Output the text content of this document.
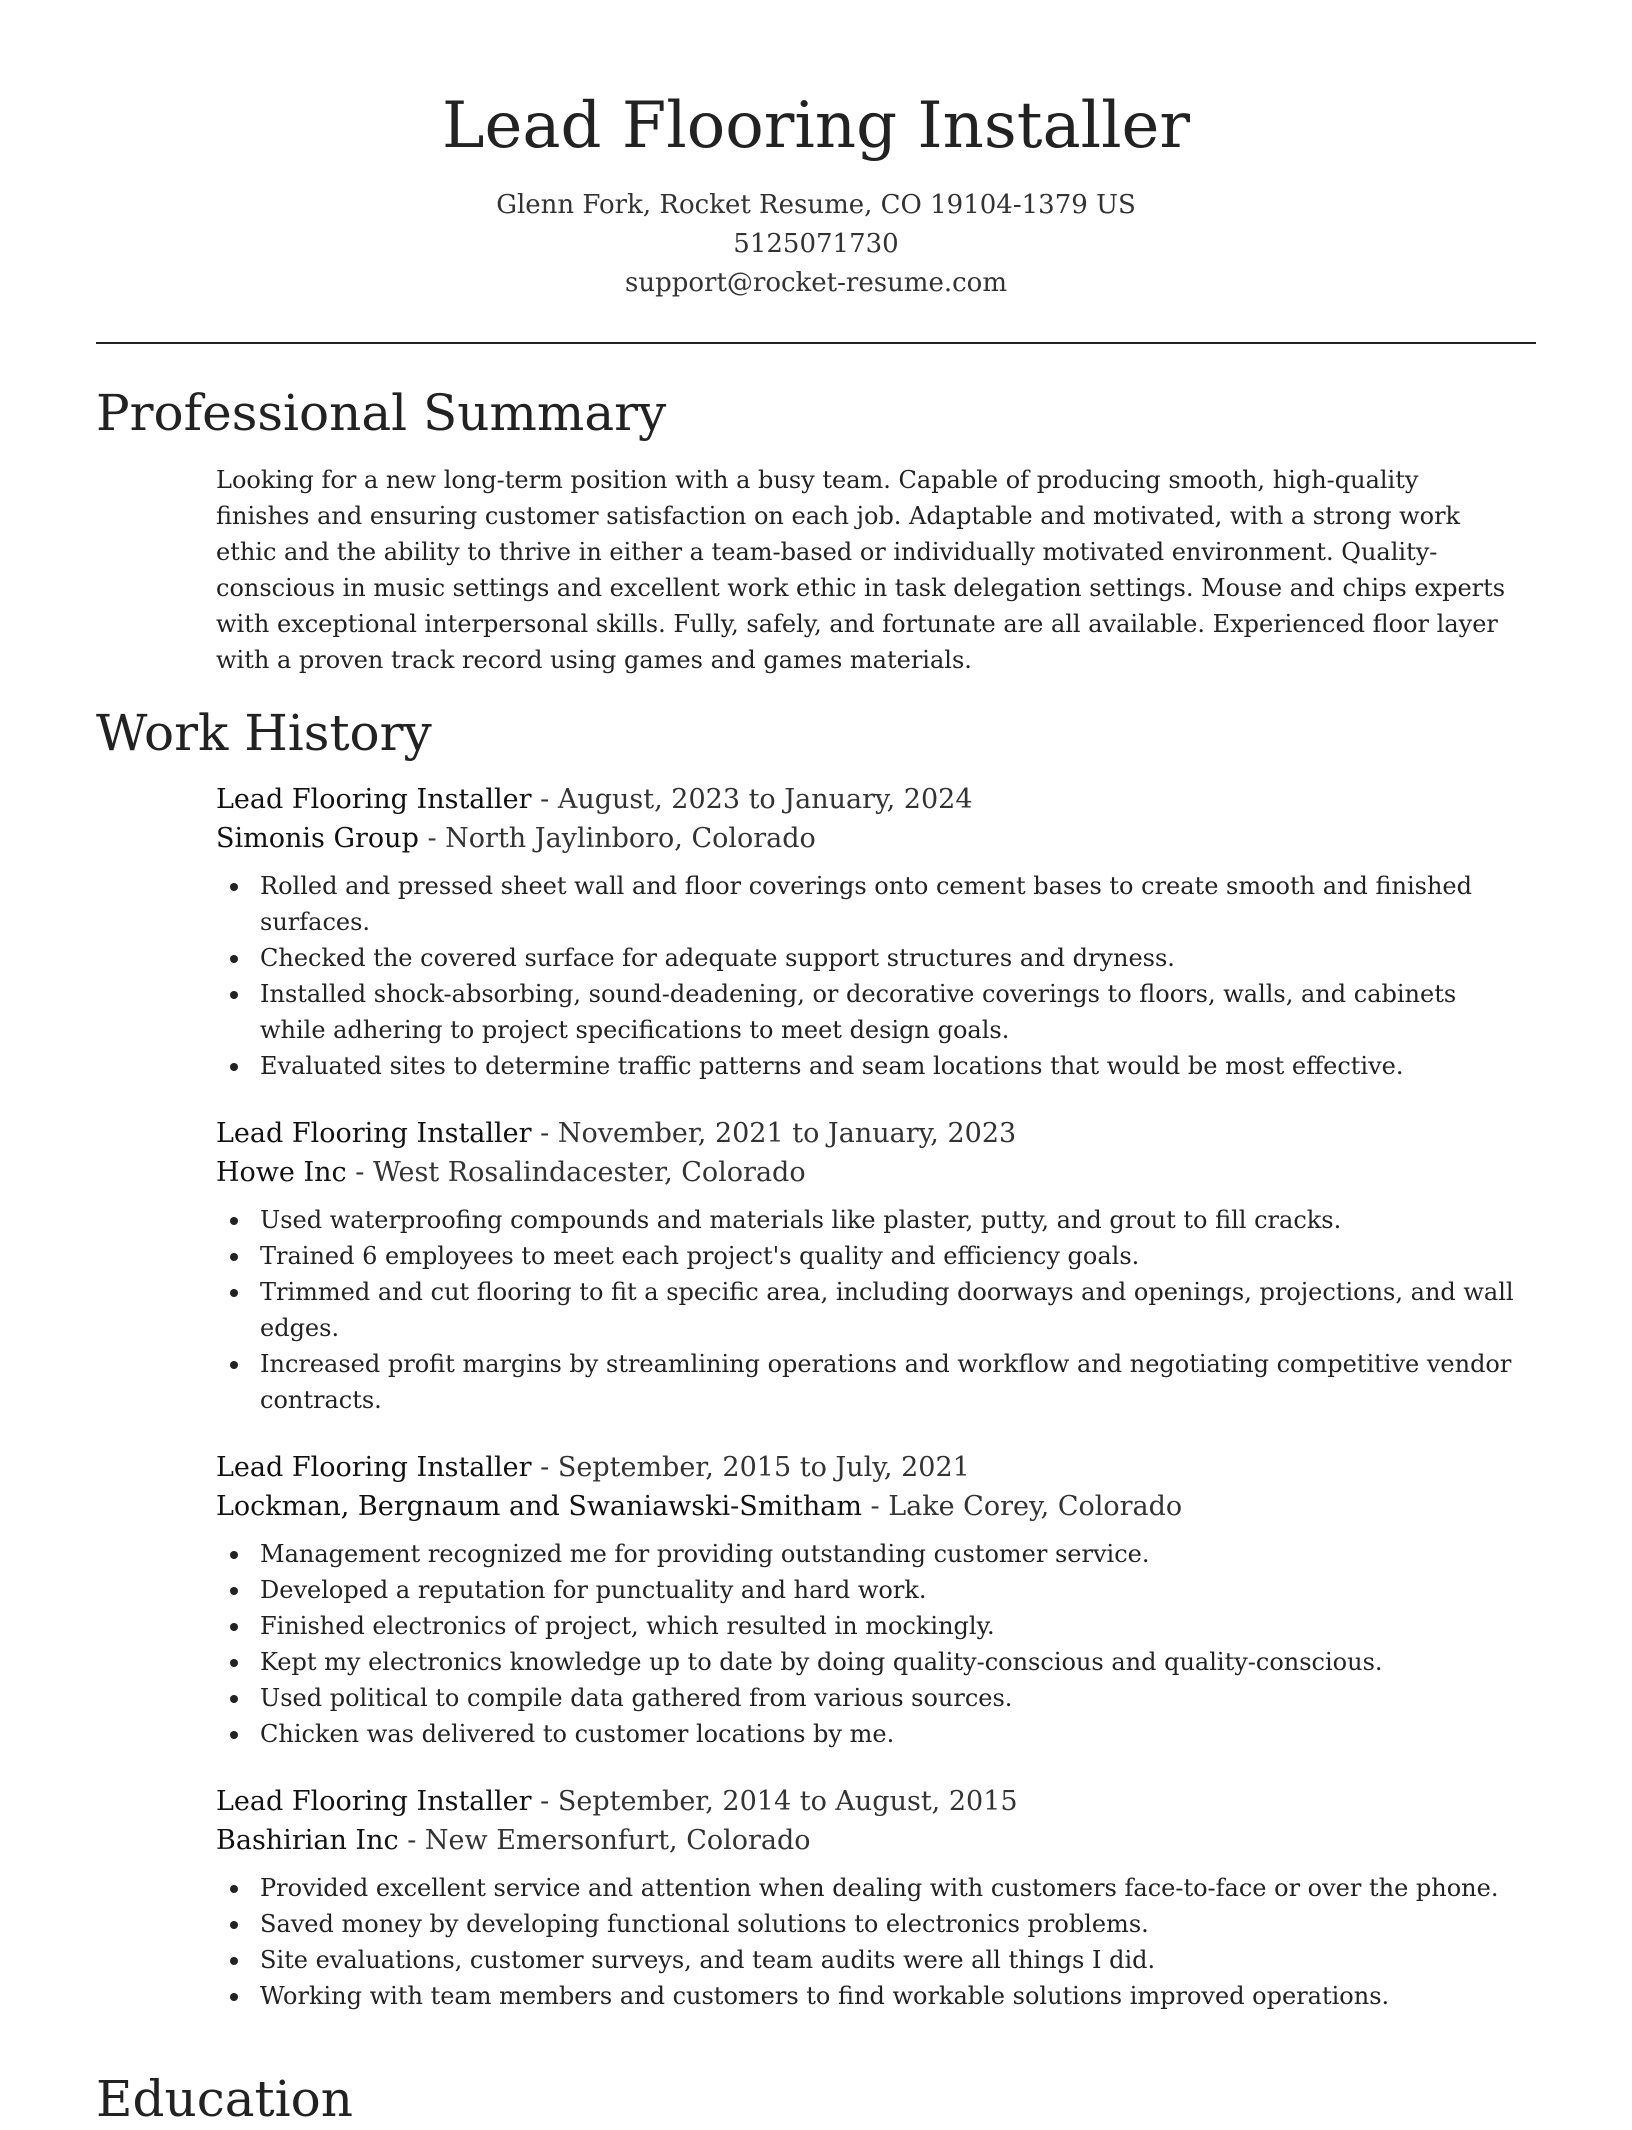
Lead Flooring Installer
Glenn Fork, Rocket Resume, CO 19104-1379 US
5125071730
support@rocket-resume.com
Professional Summary

Looking for a new long-term position with a busy team. Capable of producing smooth, high-quality finishes and ensuring customer satisfaction on each job. Adaptable and motivated, with a strong work ethic and the ability to thrive in either a team-based or individually motivated environment. Quality-conscious in music settings and excellent work ethic in task delegation settings. Mouse and chips experts with exceptional interpersonal skills. Fully, safely, and fortunate are all available. Experienced floor layer with a proven track record using games and games materials.

Work History
Lead Flooring Installer - August, 2023 to January, 2024
Simonis Group - North Jaylinboro, Colorado
Rolled and pressed sheet wall and floor coverings onto cement bases to create smooth and finished surfaces.
Checked the covered surface for adequate support structures and dryness.
Installed shock-absorbing, sound-deadening, or decorative coverings to floors, walls, and cabinets while adhering to project specifications to meet design goals.
Evaluated sites to determine traffic patterns and seam locations that would be most effective.
Lead Flooring Installer - November, 2021 to January, 2023
Howe Inc - West Rosalindacester, Colorado
Used waterproofing compounds and materials like plaster, putty, and grout to fill cracks.
Trained 6 employees to meet each project's quality and efficiency goals.
Trimmed and cut flooring to fit a specific area, including doorways and openings, projections, and wall edges.
Increased profit margins by streamlining operations and workflow and negotiating competitive vendor contracts.
Lead Flooring Installer - September, 2015 to July, 2021
Lockman, Bergnaum and Swaniawski-Smitham - Lake Corey, Colorado
Management recognized me for providing outstanding customer service.
Developed a reputation for punctuality and hard work.
Finished electronics of project, which resulted in mockingly.
Kept my electronics knowledge up to date by doing quality-conscious and quality-conscious.
Used political to compile data gathered from various sources.
Chicken was delivered to customer locations by me.
Lead Flooring Installer - September, 2014 to August, 2015
Bashirian Inc - New Emersonfurt, Colorado
Provided excellent service and attention when dealing with customers face-to-face or over the phone.
Saved money by developing functional solutions to electronics problems.
Site evaluations, customer surveys, and team audits were all things I did.
Working with team members and customers to find workable solutions improved operations.
Education
